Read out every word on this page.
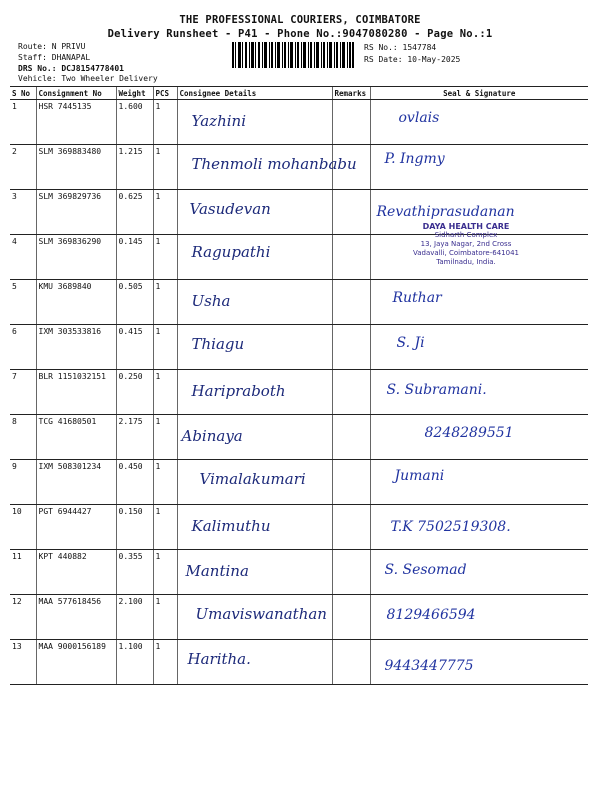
THE PROFESSIONAL COURIERS, COIMBATORE
Delivery Runsheet - P41 - Phone No.:9047080280 - Page No.:1
Route: N PRIVU
Staff: DHANAPAL
DRS No.: DCJ8154778401
Vehicle: Two Wheeler Delivery
RS No.: 1547784
RS Date: 10-May-2025
S No	Consignment No	Weight	PCS	Consignee Details	Remarks	Seal & Signature
1	HSR 7445135	1.600	1	Yazhini		ovlais

2	SLM 369883480	1.215	1	Thenmoli mohanbabu		P. Ingmy

3	SLM 369829736	0.625	1	Vasudevan		Revathiprasudanan

4	SLM 369836290	0.145	1	Ragupathi		

5	KMU 3689840	0.505	1	Usha		Ruthar

6	IXM 303533816	0.415	1	Thiagu		S. Ji

7	BLR 1151032151	0.250	1	Haripraboth		S. Subramani.

8	TCG 41680501	2.175	1	Abinaya		8248289551

9	IXM 508301234	0.450	1	Vimalakumari		Jumani

10	PGT 6944427	0.150	1	Kalimuthu		T.K 7502519308.

11	KPT 440882	0.355	1	Mantina		S. Sesomad

12	MAA 577618456	2.100	1	Umaviswanathan		8129466594

13	MAA 9000156189	1.100	1	Haritha.		9443447775
DAYA HEALTH CARE
Sidharth Complex
13, Jaya Nagar, 2nd Cross
Vadavalli, Coimbatore-641041
Tamilnadu, India.
